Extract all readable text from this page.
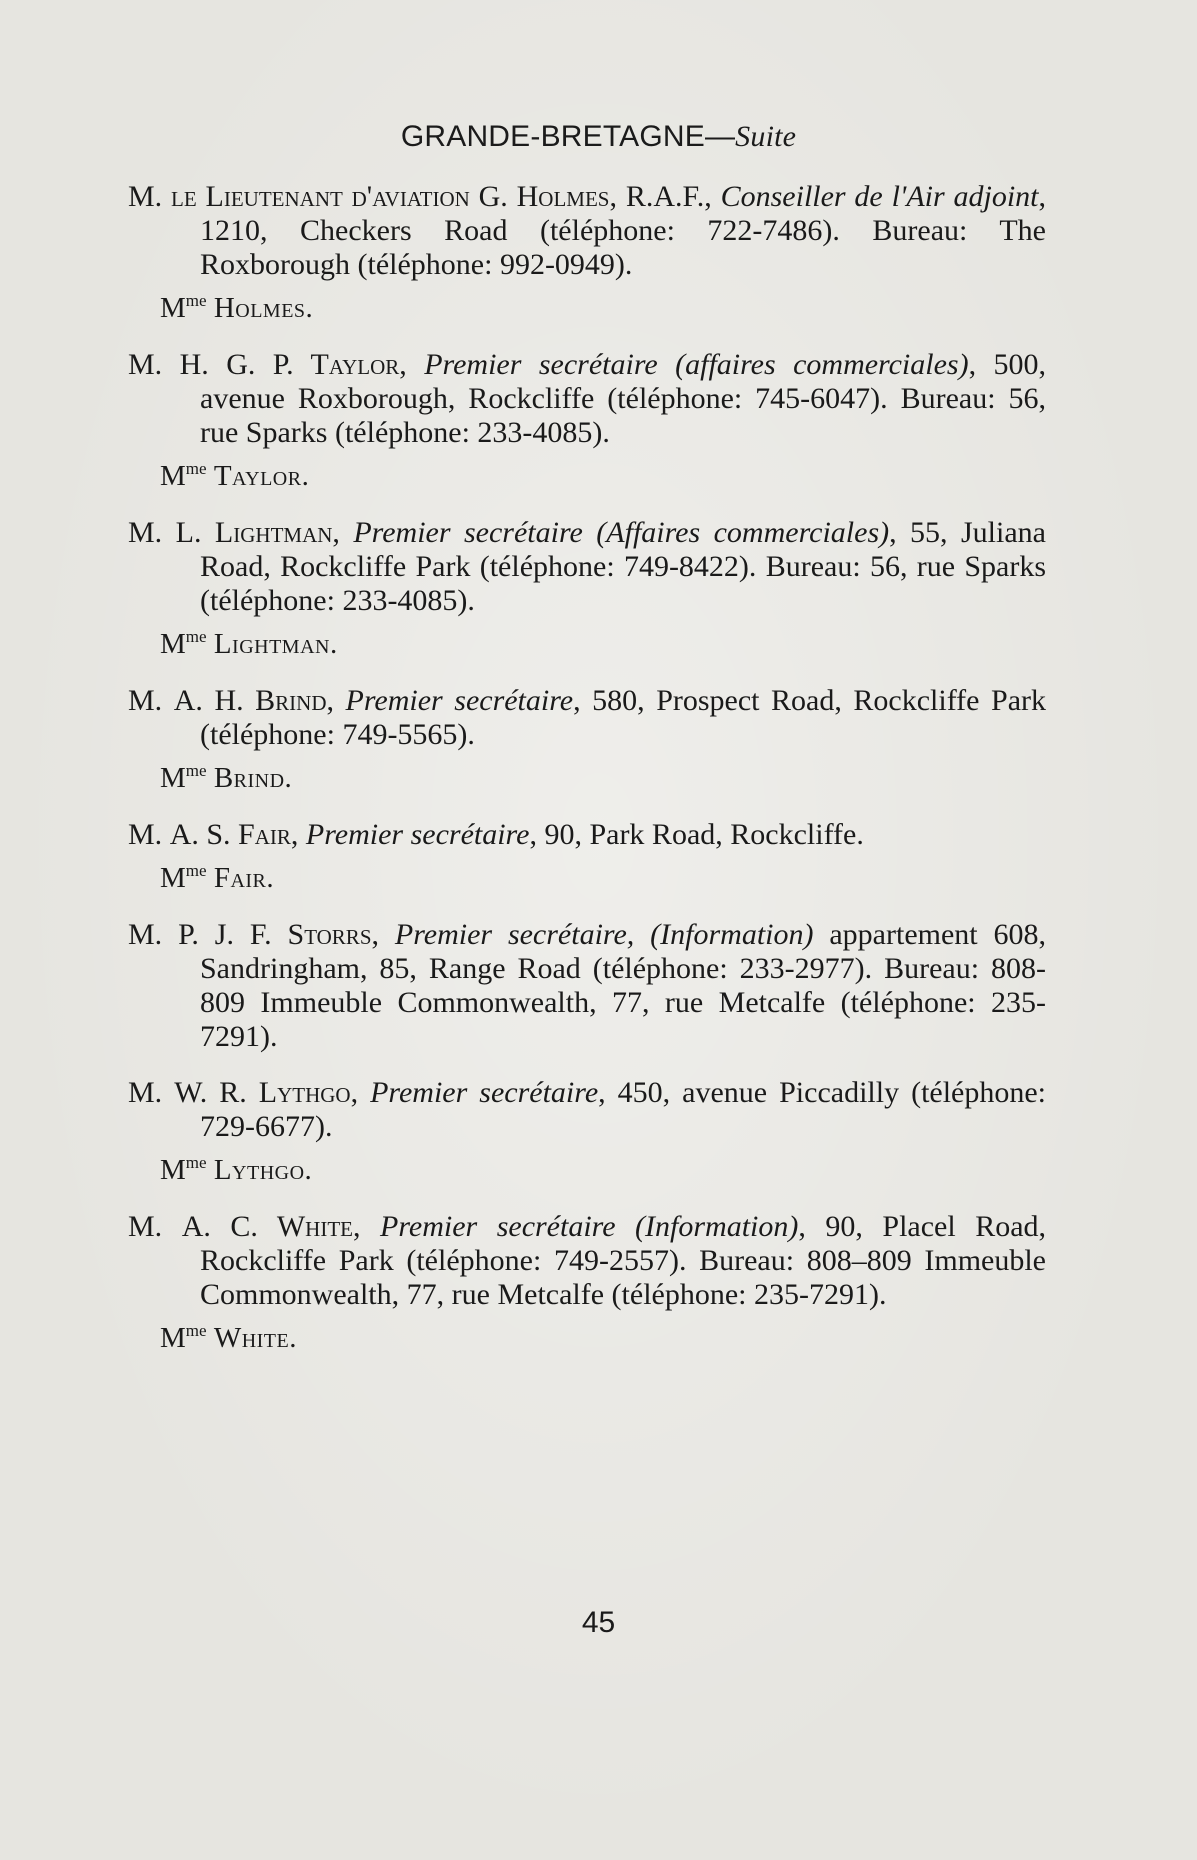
GRANDE-BRETAGNE—Suite

M. le Lieutenant d'aviation G. Holmes, R.A.F., Conseiller de l'Air adjoint, 1210, Checkers Road (téléphone: 722-7486). Bureau: The Roxborough (téléphone: 992-0949).

$M^{me}$ Holmes.

M. H. G. P. Taylor, Premier secrétaire (affaires commerciales), 500, avenue Roxborough, Rockcliffe (téléphone: 745-6047). Bureau: 56, rue Sparks (téléphone: 233-4085).

$M^{me}$ Taylor.

M. L. Lightman, Premier secrétaire (Affaires commerciales), 55, Juliana Road, Rockcliffe Park (téléphone: 749-8422). Bureau: 56, rue Sparks (téléphone: 233-4085).

$M^{me}$ Lightman.

M. A. H. Brind, Premier secrétaire, 580, Prospect Road, Rockcliffe Park (téléphone: 749-5565).

$M^{me}$ Brind.

M. A. S. Fair, Premier secrétaire, 90, Park Road, Rockcliffe.

$M^{me}$ Fair.

M. P. J. F. Storrs, Premier secrétaire, (Information) appartement 608, Sandringham, 85, Range Road (téléphone: 233-2977). Bureau: 808-809 Immeuble Commonwealth, 77, rue Metcalfe (téléphone: 235-7291).

M. W. R. Lythgo, Premier secrétaire, 450, avenue Piccadilly (téléphone: 729-6677).

$M^{me}$ Lythgo.

M. A. C. White, Premier secrétaire (Information), 90, Placel Road, Rockcliffe Park (téléphone: 749-2557). Bureau: 808–809 Immeuble Commonwealth, 77, rue Metcalfe (téléphone: 235-7291).

$M^{me}$ White.
45
